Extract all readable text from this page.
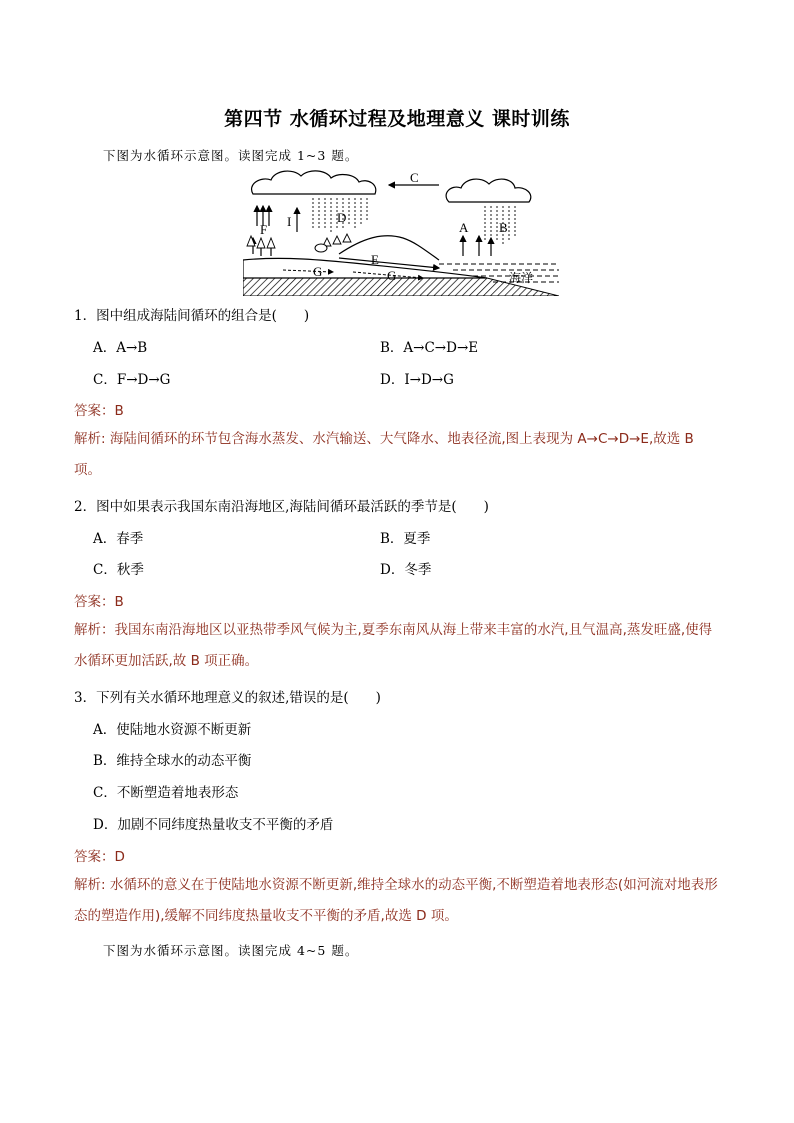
第四节 水循环过程及地理意义 课时训练
下图为水循环示意图。读图完成 1~3 题。
C
D
B
A
F
I
E
G	G	海洋
1．图中组成海陆间循环的组合是(　　)
A．A→B	B．A→C→D→E
C．F→D→G	D．I→D→G
答案：B
解析: 海陆间循环的环节包含海水蒸发、水汽输送、大气降水、地表径流,图上表现为 A→C→D→E,故选 B 项。
2．图中如果表示我国东南沿海地区,海陆间循环最活跃的季节是(　　)
A．春季	B．夏季
C．秋季	D．冬季
答案：B
解析：我国东南沿海地区以亚热带季风气候为主,夏季东南风从海上带来丰富的水汽,且气温高,蒸发旺盛,使得水循环更加活跃,故 B 项正确。
3．下列有关水循环地理意义的叙述,错误的是(　　)
A．使陆地水资源不断更新
B．维持全球水的动态平衡
C．不断塑造着地表形态
D．加剧不同纬度热量收支不平衡的矛盾
答案：D
解析: 水循环的意义在于使陆地水资源不断更新,维持全球水的动态平衡,不断塑造着地表形态(如河流对地表形态的塑造作用),缓解不同纬度热量收支不平衡的矛盾,故选 D 项。
下图为水循环示意图。读图完成 4~5 题。
